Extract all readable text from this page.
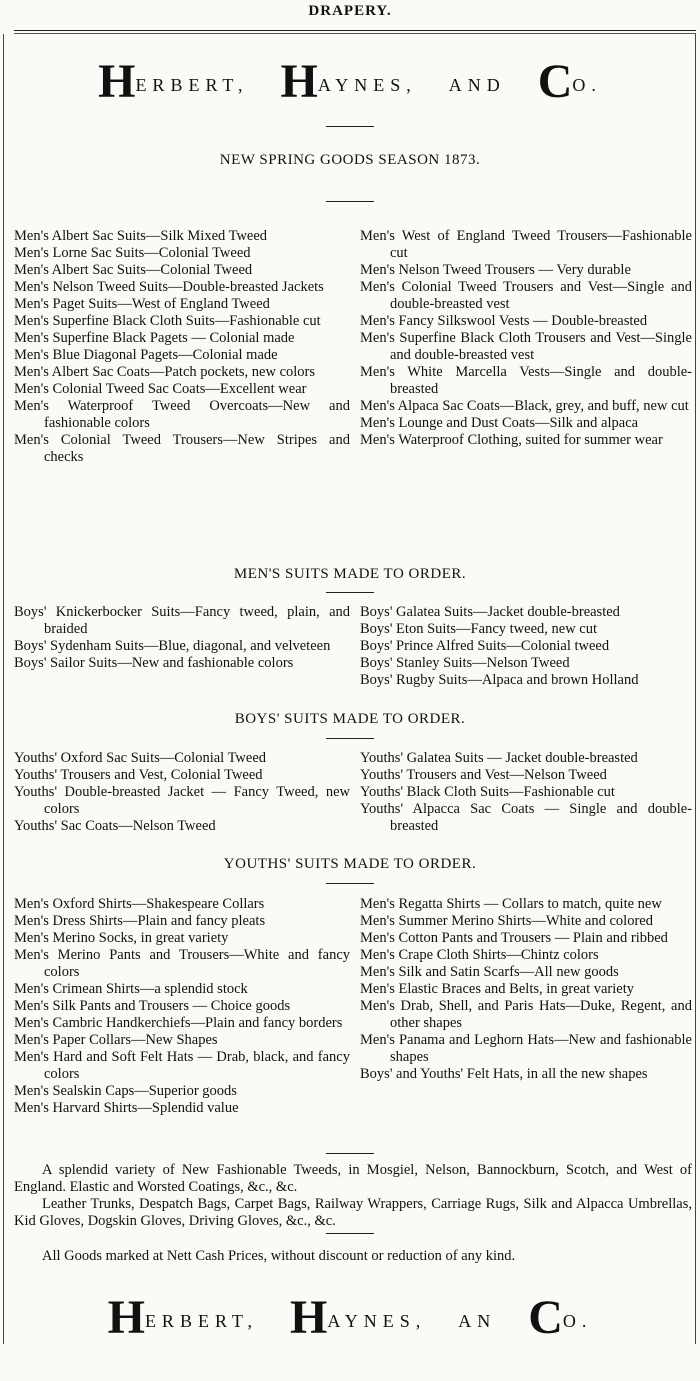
DRAPERY.
HERBERT, HAYNES, AND CO.
NEW SPRING GOODS SEASON 1873.

Men's Albert Sac Suits—Silk Mixed Tweed

Men's Lorne Sac Suits—Colonial Tweed

Men's Albert Sac Suits—Colonial Tweed

Men's Nelson Tweed Suits—Double-breasted Jackets

Men's Paget Suits—West of England Tweed

Men's Superfine Black Cloth Suits—Fashionable cut

Men's Superfine Black Pagets — Colonial made

Men's Blue Diagonal Pagets—Colonial made

Men's Albert Sac Coats—Patch pockets, new colors

Men's Colonial Tweed Sac Coats—Excellent wear

Men's Waterproof Tweed Overcoats—New and fashionable colors

Men's Colonial Tweed Trousers—New Stripes and checks

Men's West of England Tweed Trousers—Fashionable cut

Men's Nelson Tweed Trousers — Very durable

Men's Colonial Tweed Trousers and Vest—Single and double-breasted vest

Men's Fancy Silkswool Vests — Double-breasted

Men's Superfine Black Cloth Trousers and Vest—Single and double-breasted vest

Men's White Marcella Vests—Single and double-breasted

Men's Alpaca Sac Coats—Black, grey, and buff, new cut

Men's Lounge and Dust Coats—Silk and alpaca

Men's Waterproof Clothing, suited for summer wear

MEN'S SUITS MADE TO ORDER.

Boys' Knickerbocker Suits—Fancy tweed, plain, and braided

Boys' Sydenham Suits—Blue, diagonal, and velveteen

Boys' Sailor Suits—New and fashionable colors

Boys' Galatea Suits—Jacket double-breasted

Boys' Eton Suits—Fancy tweed, new cut

Boys' Prince Alfred Suits—Colonial tweed

Boys' Stanley Suits—Nelson Tweed

Boys' Rugby Suits—Alpaca and brown Holland

BOYS' SUITS MADE TO ORDER.

Youths' Oxford Sac Suits—Colonial Tweed

Youths' Trousers and Vest, Colonial Tweed

Youths' Double-breasted Jacket — Fancy Tweed, new colors

Youths' Sac Coats—Nelson Tweed

Youths' Galatea Suits — Jacket double-breasted

Youths' Trousers and Vest—Nelson Tweed

Youths' Black Cloth Suits—Fashionable cut

Youths' Alpacca Sac Coats — Single and double-breasted

YOUTHS' SUITS MADE TO ORDER.

Men's Oxford Shirts—Shakespeare Collars

Men's Dress Shirts—Plain and fancy pleats

Men's Merino Socks, in great variety

Men's Merino Pants and Trousers—White and fancy colors

Men's Crimean Shirts—a splendid stock

Men's Silk Pants and Trousers — Choice goods

Men's Cambric Handkerchiefs—Plain and fancy borders

Men's Paper Collars—New Shapes

Men's Hard and Soft Felt Hats — Drab, black, and fancy colors

Men's Sealskin Caps—Superior goods

Men's Harvard Shirts—Splendid value

Men's Regatta Shirts — Collars to match, quite new

Men's Summer Merino Shirts—White and colored

Men's Cotton Pants and Trousers — Plain and ribbed

Men's Crape Cloth Shirts—Chintz colors

Men's Silk and Satin Scarfs—All new goods

Men's Elastic Braces and Belts, in great variety

Men's Drab, Shell, and Paris Hats—Duke, Regent, and other shapes

Men's Panama and Leghorn Hats—New and fashionable shapes

Boys' and Youths' Felt Hats, in all the new shapes

A splendid variety of New Fashionable Tweeds, in Mosgiel, Nelson, Bannockburn, Scotch, and West of England. Elastic and Worsted Coatings, &c., &c.

Leather Trunks, Despatch Bags, Carpet Bags, Railway Wrappers, Carriage Rugs, Silk and Alpacca Umbrellas, Kid Gloves, Dogskin Gloves, Driving Gloves, &c., &c.

All Goods marked at Nett Cash Prices, without discount or reduction of any kind.

HERBERT, HAYNES, AN CO.
